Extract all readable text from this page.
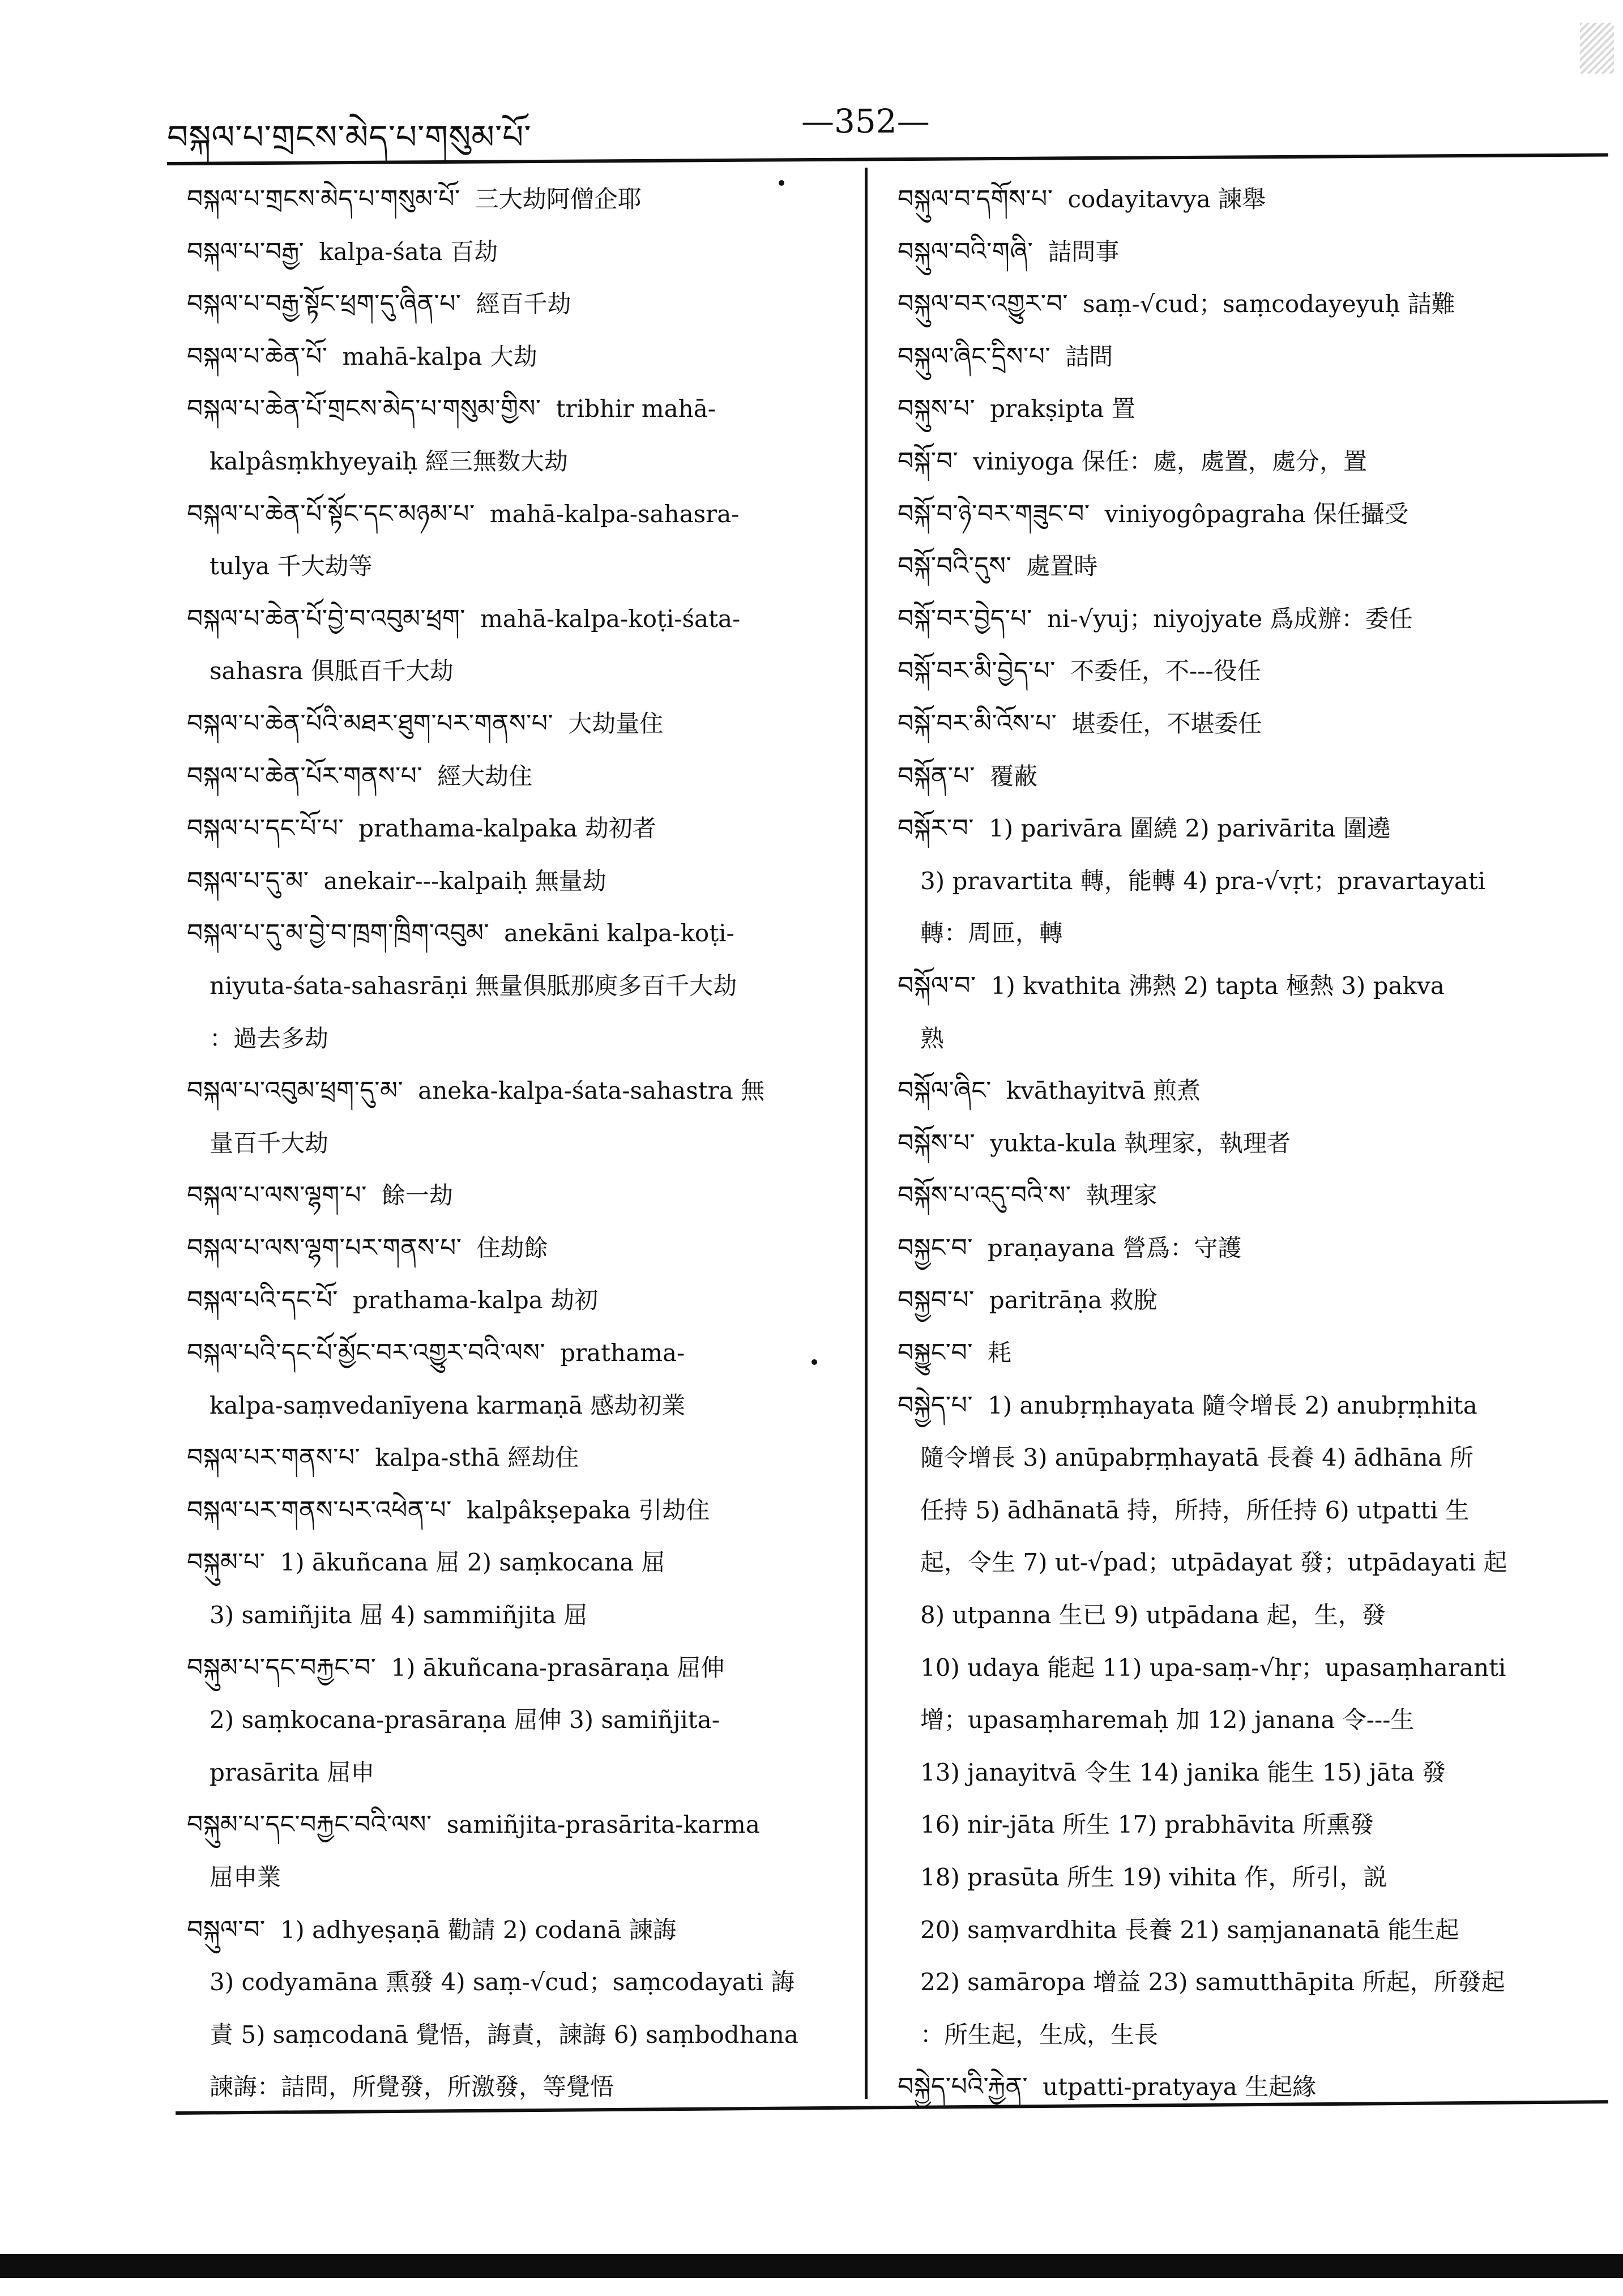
བསྐལ་པ་གྲངས་མེད་པ་གསུམ་པོ་	—352—
བསྐལ་པ་གྲངས་མེད་པ་གསུམ་པོ་ 三大劫阿僧企耶
བསྐལ་པ་བརྒྱ་ kalpa-śata 百劫
བསྐལ་པ་བརྒྱ་སྟོང་ཕྲག་དུ་ཞིན་པ་ 經百千劫
བསྐལ་པ་ཆེན་པོ་ mahā-kalpa 大劫
བསྐལ་པ་ཆེན་པོ་གྲངས་མེད་པ་གསུམ་གྱིས་ tribhir mahā-
kalpâsṃkhyeyaiḥ 經三無数大劫
བསྐལ་པ་ཆེན་པོ་སྟོང་དང་མཉམ་པ་ mahā-kalpa-sahasra-
tulya 千大劫等
བསྐལ་པ་ཆེན་པོ་བྱེ་བ་འབུམ་ཕྲག་ mahā-kalpa-koṭi-śata-
sahasra 俱胝百千大劫
བསྐལ་པ་ཆེན་པོའི་མཐར་ཐུག་པར་གནས་པ་ 大劫量住
བསྐལ་པ་ཆེན་པོར་གནས་པ་ 經大劫住
བསྐལ་པ་དང་པོ་པ་ prathama-kalpaka 劫初者
བསྐལ་པ་དུ་མ་ anekair---kalpaiḥ 無量劫
བསྐལ་པ་དུ་མ་བྱེ་བ་ཁྲག་ཁྲིག་འབུམ་ anekāni kalpa-koṭi-
niyuta-śata-sahasrāṇi 無量俱胝那庾多百千大劫
：過去多劫
བསྐལ་པ་འབུམ་ཕྲག་དུ་མ་ aneka-kalpa-śata-sahastra 無
量百千大劫
བསྐལ་པ་ལས་ལྷག་པ་ 餘一劫
བསྐལ་པ་ལས་ལྷག་པར་གནས་པ་ 住劫餘
བསྐལ་པའི་དང་པོ་ prathama-kalpa 劫初
བསྐལ་པའི་དང་པོ་མྱོང་བར་འགྱུར་བའི་ལས་ prathama-
kalpa-saṃvedanīyena karmaṇā 感劫初業
བསྐལ་པར་གནས་པ་ kalpa-sthā 經劫住
བསྐལ་པར་གནས་པར་འཕེན་པ་ kalpâkṣepaka 引劫住
བསྐུམ་པ་ 1) ākuñcana 屈 2) saṃkocana 屈
3) samiñjita 屈 4) sammiñjita 屈
བསྐུམ་པ་དང་བརྐྱང་བ་ 1) ākuñcana-prasāraṇa 屈伸
2) saṃkocana-prasāraṇa 屈伸 3) samiñjita-
prasārita 屈申
བསྐུམ་པ་དང་བརྐྱང་བའི་ལས་ samiñjita-prasārita-karma
屈申業
བསྐུལ་བ་ 1) adhyeṣaṇā 勸請 2) codanā 諫誨
3) codyamāna 熏發 4) saṃ-√cud；saṃcodayati 誨
責 5) saṃcodanā 覺悟，誨責，諫誨 6) saṃbodhana
諫誨：詰問，所覺發，所激發，等覺悟
བསྐུལ་བ་དགོས་པ་ codayitavya 諫舉
བསྐུལ་བའི་གཞི་ 詰問事
བསྐུལ་བར་འགྱུར་བ་ saṃ-√cud；saṃcodayeyuḥ 詰難
བསྐུལ་ཞིང་དྲིས་པ་ 詰問
བསྐུས་པ་ prakṣipta 置
བསྐོ་བ་ viniyoga 保任：處，處置，處分，置
བསྐོ་བ་ཉེ་བར་གཟུང་བ་ viniyogôpagraha 保任攝受
བསྐོ་བའི་དུས་ 處置時
བསྐོ་བར་བྱེད་པ་ ni-√yuj；niyojyate 爲成辦：委任
བསྐོ་བར་མི་བྱེད་པ་ 不委任，不---役任
བསྐོ་བར་མི་འོས་པ་ 堪委任，不堪委任
བསྐོན་པ་ 覆蔽
བསྐོར་བ་ 1) parivāra 圍繞 2) parivārita 圍遶
3) pravartita 轉，能轉 4) pra-√vṛt；pravartayati
轉：周匝，轉
བསྐོལ་བ་ 1) kvathita 沸熱 2) tapta 極熱 3) pakva
熟
བསྐོལ་ཞིང་ kvāthayitvā 煎煮
བསྐོས་པ་ yukta-kula 執理家，執理者
བསྐོས་པ་འདུ་བའི་ས་ 執理家
བསྐྱང་བ་ praṇayana 營爲：守護
བསྐྱབ་པ་ paritrāṇa 救脫
བསྐྱུང་བ་ 耗
བསྐྱེད་པ་ 1) anubṛṃhayata 隨令增長 2) anubṛṃhita
隨令增長 3) anūpabṛṃhayatā 長養 4) ādhāna 所
任持 5) ādhānatā 持，所持，所任持 6) utpatti 生
起，令生 7) ut-√pad；utpādayat 發；utpādayati 起
8) utpanna 生已 9) utpādana 起，生，發
10) udaya 能起 11) upa-saṃ-√hṛ；upasaṃharanti
增；upasaṃharemaḥ 加 12) janana 令---生
13) janayitvā 令生 14) janika 能生 15) jāta 發
16) nir-jāta 所生 17) prabhāvita 所熏發
18) prasūta 所生 19) vihita 作，所引，説
20) saṃvardhita 長養 21) saṃjananatā 能生起
22) samāropa 增益 23) samutthāpita 所起，所發起
：所生起，生成，生長
བསྐྱེད་པའི་རྐྱེན་ utpatti-pratyaya 生起緣
